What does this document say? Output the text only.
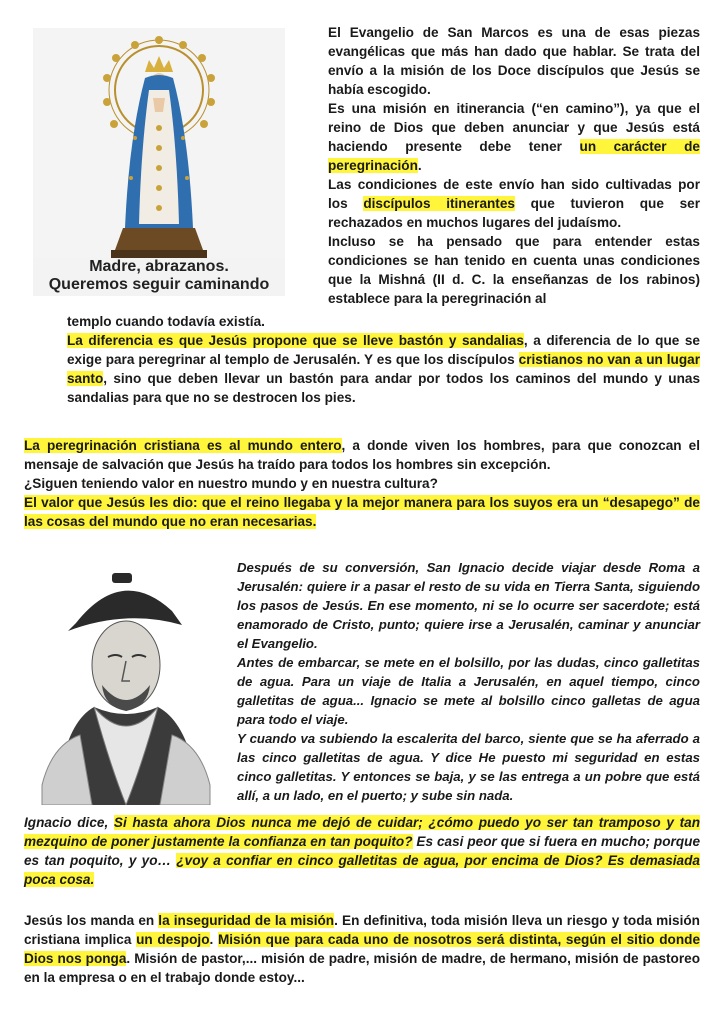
Madre, abrazanos.
Queremos seguir caminando

El Evangelio de San Marcos es una de esas piezas evangélicas que más han dado que hablar. Se trata del envío a la misión de los Doce discípulos que Jesús se había escogido.

Es una misión en itinerancia (“en camino”), ya que el reino de Dios que deben anunciar y que Jesús está haciendo presente debe tener un carácter de peregrinación.

Las condiciones de este envío han sido cultivadas por los discípulos itinerantes que tuvieron que ser rechazados en muchos lugares del judaísmo.

Incluso se ha pensado que para entender estas condiciones se han tenido en cuenta unas condiciones que la Mishná (II d. C. la enseñanzas de los rabinos) establece para la peregrinación al

templo cuando todavía existía.

La diferencia es que Jesús propone que se lleve bastón y sandalias, a diferencia de lo que se exige para peregrinar al templo de Jerusalén. Y es que los discípulos cristianos no van a un lugar santo, sino que deben llevar un bastón para andar por todos los caminos del mundo y unas sandalias para que no se destrocen los pies.

La peregrinación cristiana es al mundo entero, a donde viven los hombres, para que conozcan el mensaje de salvación que Jesús ha traído para todos los hombres sin excepción.

¿Siguen teniendo valor en nuestro mundo y en nuestra cultura?

El valor que Jesús les dio: que el reino llegaba y la mejor manera para los suyos era un “desapego” de las cosas del mundo que no eran necesarias.

Después de su conversión, San Ignacio decide viajar desde Roma a Jerusalén: quiere ir a pasar el resto de su vida en Tierra Santa, siguiendo los pasos de Jesús. En ese momento, ni se lo ocurre ser sacerdote; está enamorado de Cristo, punto; quiere irse a Jerusalén, caminar y anunciar el Evangelio.

Antes de embarcar, se mete en el bolsillo, por las dudas, cinco galletitas de agua. Para un viaje de Italia a Jerusalén, en aquel tiempo, cinco galletitas de agua... Ignacio se mete al bolsillo cinco galletas de agua para todo el viaje.

Y cuando va subiendo la escalerita del barco, siente que se ha aferrado a las cinco galletitas de agua. Y dice He puesto mi seguridad en estas cinco galletitas. Y entonces se baja, y se las entrega a un pobre que está allí, a un lado, en el puerto; y sube sin nada.

Ignacio dice, Si hasta ahora Dios nunca me dejó de cuidar; ¿cómo puedo yo ser tan tramposo y tan mezquino de poner justamente la confianza en tan poquito? Es casi peor que si fuera en mucho; porque es tan poquito, y yo… ¿voy a confiar en cinco galletitas de agua, por encima de Dios? Es demasiada poca cosa.

Jesús los manda en la inseguridad de la misión. En definitiva, toda misión lleva un riesgo y toda misión cristiana implica un despojo. Misión que para cada uno de nosotros será distinta, según el sitio donde Dios nos ponga. Misión de pastor,... misión de padre, misión de madre, de hermano, misión de pastoreo en la empresa o en el trabajo donde estoy...
